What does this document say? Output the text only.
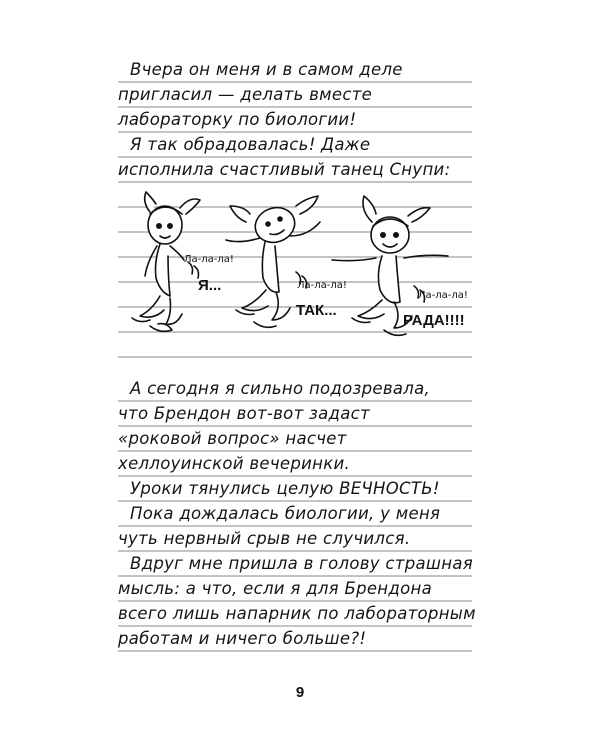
Вчера он меня и в самом деле
пригласил — делать вместе
лабораторку по биологии!
Я так обрадовалась! Даже
исполнила счастливый танец Снупи:
Ла-ла-ла!
Я...	Ла-ла-ла!
ТАК...
Ла-ла-ла!
РАДА!!!!
А сегодня я сильно подозревала,
что Брендон вот-вот задаст
«роковой вопрос» насчет
хеллоуинской вечеринки.
Уроки тянулись целую ВЕЧНОСТЬ!
Пока дождалась биологии, у меня
чуть нервный срыв не случился.
Вдруг мне пришла в голову страшная
мысль: а что, если я для Брендона
всего лишь напарник по лабораторным
работам и ничего больше?!
9
